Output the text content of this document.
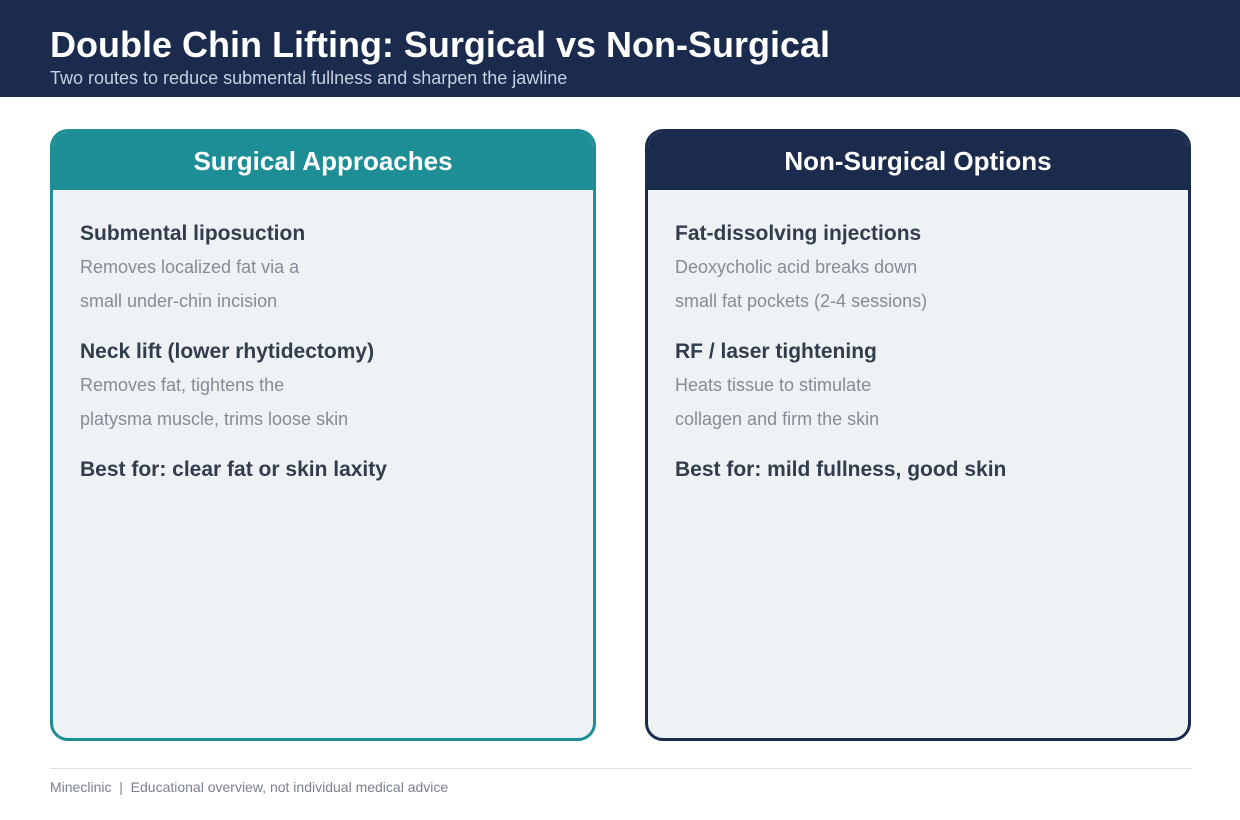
Double Chin Lifting: Surgical vs Non-Surgical
Two routes to reduce submental fullness and sharpen the jawline
Surgical Approaches
Submental liposuction
Removes localized fat via a
small under-chin incision
Neck lift (lower rhytidectomy)
Removes fat, tightens the
platysma muscle, trims loose skin
Best for: clear fat or skin laxity
Non-Surgical Options
Fat-dissolving injections
Deoxycholic acid breaks down
small fat pockets (2-4 sessions)
RF / laser tightening
Heats tissue to stimulate
collagen and firm the skin
Best for: mild fullness, good skin
Mineclinic  |  Educational overview, not individual medical advice
